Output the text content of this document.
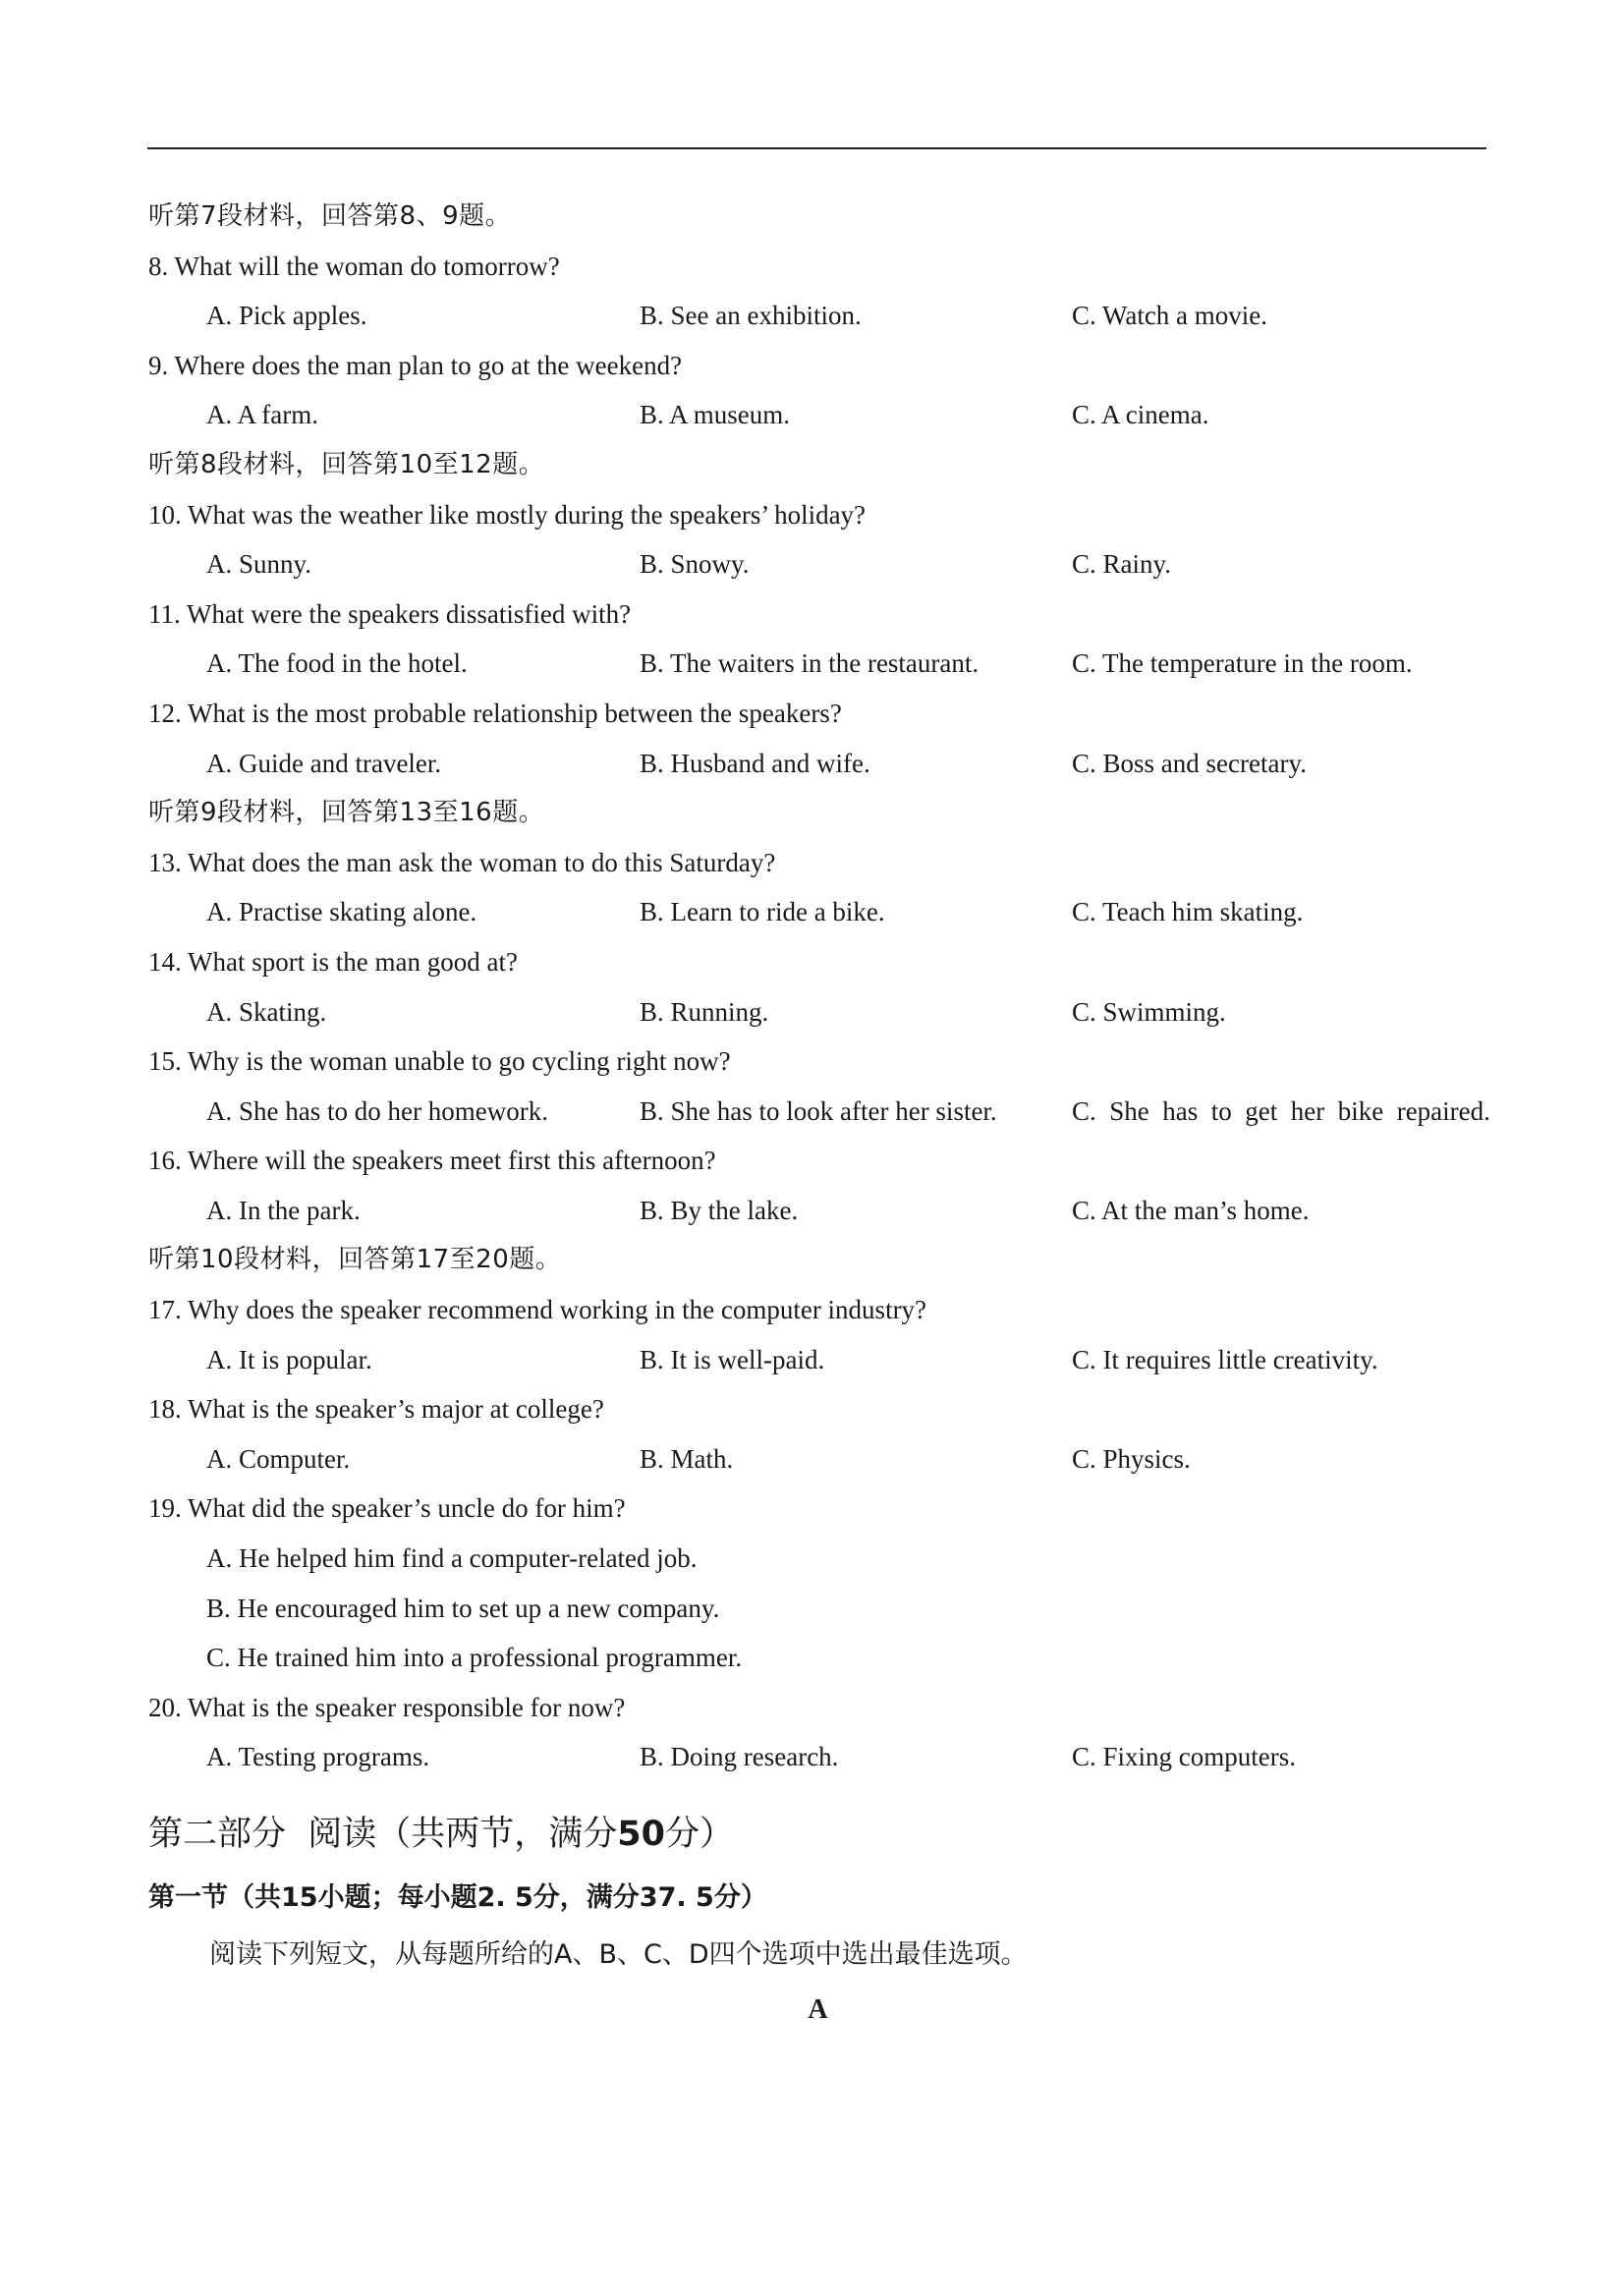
听第7段材料，回答第8、9题。
8. What will the woman do tomorrow?
A. Pick apples.	B. See an exhibition.	C. Watch a movie.
9. Where does the man plan to go at the weekend?
A. A farm.	B. A museum.	C. A cinema.
听第8段材料，回答第10至12题。
10. What was the weather like mostly during the speakers’ holiday?
A. Sunny.	B. Snowy.	C. Rainy.
11. What were the speakers dissatisfied with?
A. The food in the hotel.	B. The waiters in the restaurant.	C. The temperature in the room.
12. What is the most probable relationship between the speakers?
A. Guide and traveler.	B. Husband and wife.	C. Boss and secretary.
听第9段材料，回答第13至16题。
13. What does the man ask the woman to do this Saturday?
A. Practise skating alone.	B. Learn to ride a bike.	C. Teach him skating.
14. What sport is the man good at?
A. Skating.	B. Running.	C. Swimming.
15. Why is the woman unable to go cycling right now?
A. She has to do her homework.	B. She has to look after her sister.	C.  She  has  to  get  her  bike  repaired.
16. Where will the speakers meet first this afternoon?
A. In the park.	B. By the lake.	C. At the man’s home.
听第10段材料，回答第17至20题。
17. Why does the speaker recommend working in the computer industry?
A. It is popular.	B. It is well-paid.	C. It requires little creativity.
18. What is the speaker’s major at college?
A. Computer.	B. Math.	C. Physics.
19. What did the speaker’s uncle do for him?
A. He helped him find a computer-related job.
B. He encouraged him to set up a new company.
C. He trained him into a professional programmer.
20. What is the speaker responsible for now?
A. Testing programs.	B. Doing research.	C. Fixing computers.
第二部分  阅读（共两节，满分50分）
第一节（共15小题；每小题2. 5分，满分37. 5分）
阅读下列短文，从每题所给的A、B、C、D四个选项中选出最佳选项。
A
